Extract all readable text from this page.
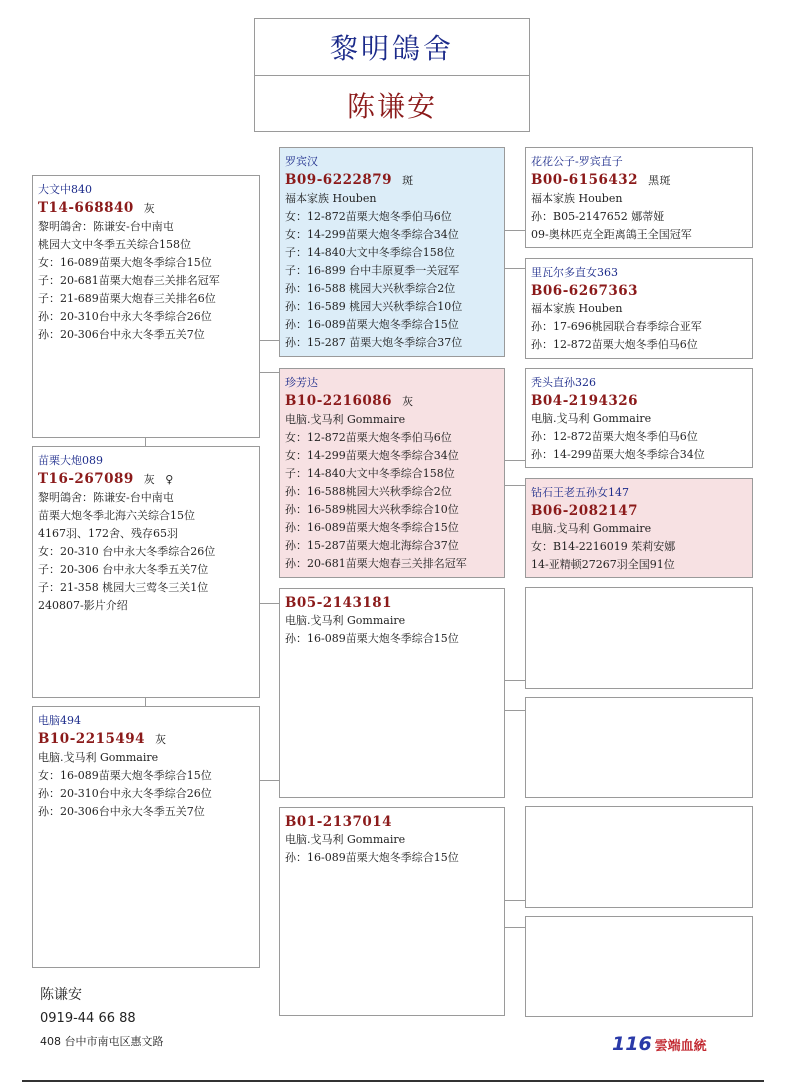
黎明鴿舍
陈谦安
大文中840
T14-668840 灰
黎明鴿舍：陈谦安-台中南屯
桃园大文中冬季五关综合158位
女：16-089苗栗大炮冬季综合15位
子：20-681苗栗大炮春三关排名冠军
子：21-689苗栗大炮春三关排名6位
孙：20-310台中永大冬季综合26位
孙：20-306台中永大冬季五关7位
苗栗大炮089
T16-267089 灰 ♀
黎明鴿舍：陈谦安-台中南屯
苗栗大炮冬季北海六关综合15位
4167羽、172舍、残存65羽
女：20-310 台中永大冬季综合26位
子：20-306 台中永大冬季五关7位
子：21-358 桃园大三莺冬三关1位
240807-影片介绍
电脑494
B10-2215494 灰
电脑.戈马利 Gommaire
女：16-089苗栗大炮冬季综合15位
孙：20-310台中永大冬季综合26位
孙：20-306台中永大冬季五关7位
罗宾汉
B09-6222879 斑
福本家族 Houben
女：12-872苗栗大炮冬季伯马6位
女：14-299苗栗大炮冬季综合34位
子：14-840大文中冬季综合158位
子：16-899 台中丰原夏季一关冠军
孙：16-588 桃园大兴秋季综合2位
孙：16-589 桃园大兴秋季综合10位
孙：16-089苗栗大炮冬季综合15位
孙：15-287 苗栗大炮冬季综合37位
珍芳达
B10-2216086 灰
电脑.戈马利 Gommaire
女：12-872苗栗大炮冬季伯马6位
女：14-299苗栗大炮冬季综合34位
子：14-840大文中冬季综合158位
孙：16-588桃园大兴秋季综合2位
孙：16-589桃园大兴秋季综合10位
孙：16-089苗栗大炮冬季综合15位
孙：15-287苗栗大炮北海综合37位
孙：20-681苗栗大炮春三关排名冠军
B05-2143181
电脑.戈马利 Gommaire
孙：16-089苗栗大炮冬季综合15位
B01-2137014
电脑.戈马利 Gommaire
孙：16-089苗栗大炮冬季综合15位
花花公子-罗宾直子
B00-6156432 黑斑
福本家族 Houben
孙：B05-2147652 娜蒂娅
09-奥林匹克全距离鴿王全国冠军
里瓦尔多直女363
B06-6267363
福本家族 Houben
孙：17-696桃园联合春季综合亚军
孙：12-872苗栗大炮冬季伯马6位
秃头直孙326
B04-2194326
电脑.戈马利 Gommaire
孙：12-872苗栗大炮冬季伯马6位
孙：14-299苗栗大炮冬季综合34位
钻石王老五孙女147
B06-2082147
电脑.戈马利 Gommaire
女：B14-2216019 茱莉安娜
14-亚精顿27267羽全国91位
陈谦安
0919-44 66 88
408 台中市南屯区惠文路	116 雲端血統
